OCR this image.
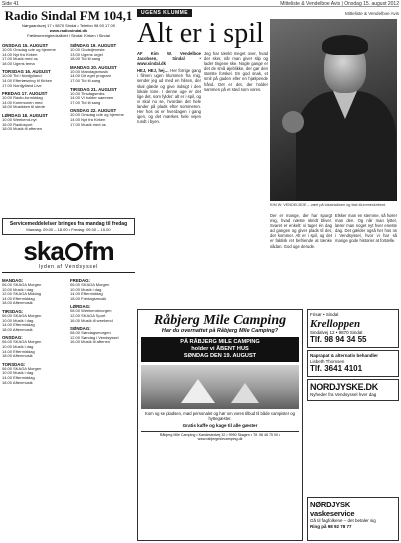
Side 41	Mitteliste & Vendelboe Avis | Onsdag 15. august 2012
Radio Sindal FM 104,1
Nørgaardsvej 17 • 9870 Sindal • Telefon 98 93 17 00
www.radiosindal.dk
Fællesmenighedsrådet i Sindal: Kirken i Sindal
ONSDAG 15. AUGUST
10.00 Onsdag ude og hjemme
14.00 Nyt fra Kirken
17.00 Musik med os
18.00 Ugens tema
TORSDAG 16. AUGUST
10.00 Tid i Nordjylland
14.00 Efterlæsning til Kirken
17.00 Nordjylland Live
FREDAG 17. AUGUST
10.00 Radio-formiddag
14.00 Kommunen med
18.00 Musikken til stede
LØRDAG 18. AUGUST
10.00 Weekend-nyt
16.00 Radiosport
18.00 Musik til aftenen
SØNDAG 19. AUGUST
10.00 Gudstjeneste
13.00 Ugens orgel
18.00 Tid til sang
MANDAG 20. AUGUST
10.00 Mandagsmusik
14.00 Dit eget program
17.00 Tid til sang
TIRSDAG 21. AUGUST
10.00 Tirsdagsmiks
14.00 Vi holder sammen
17.00 Tid til sang
ONSDAG 22. AUGUST
10.00 Onsdag ude og hjemme
14.00 Nyt fra Kirken
17.00 Musik med os
Servicemeddelelser bringes fra mandag til fredag
Mandag: 09.00 – 18.00 • Fredag: 09.00 – 15.00
ska fm
lyden af Vendsyssel
MANDAG:
06.00 SKAGA Morgen
10.00 Musik i dag
12.00 SKAGA Middag
14.00 Eftermiddag
18.00 Aftenmusik
TIRSDAG:
06.00 SKAGA Morgen
10.00 Musik i dag
14.00 Eftermiddag
18.00 Aftenmusik
ONSDAG:
06.00 SKAGA Morgen
10.00 Musik i dag
14.00 Eftermiddag
18.00 Aftenmusik
TORSDAG:
06.00 SKAGA Morgen
10.00 Musik i dag
14.00 Eftermiddag
18.00 Aftenmusik
FREDAG:
06.00 SKAGA Morgen
10.00 Musik i dag
14.00 Eftermiddag
18.00 Fredagsmusik
LØRDAG:
08.00 Weekendmorgen
12.00 SKAGA Sport
16.00 Musik til weekend
SØNDAG:
08.00 Søndagsmorgen
12.00 Søndag i Vendsyssel
16.00 Musik til aftenen
UGENS KLUMME	Mitteliste & Vendelboe Avis
Alt er i spil

AF Kim W. Vendelboe Jacobsen, Sindal • www.sindal.dk

HEJ, HEJ, hej… Her forrige gang i filmen ugen klummen fra mig, sender jeg ud med en hilsen, der skal glæde og give indsigt i den lokale tone. I denne uge er det lige det, som fylder: alt er i spil, og vi skal nu se, hvordan det hele lander på plads efter sommeren. Her hos os er hverdagen i gang igen, og det mærkes hele vejen rundt i byen.

Jeg har tænkt meget over, hvad der sker, når man giver slip og lader tingene ske. Nogle gange er det de små øjeblikke, der gør den største forskel. En god snak, et smil på gaden eller en hjælpende hånd. Det er det, der holder sammen på et sted som vores.

KIM W. VENDELBOE – vært på lokalradioen og fast klummeskribent.

Der er mange, der har spurgt mig, hvad næste skridt bliver. Svaret er enkelt: vi tager én dag ad gangen og giver plads til det, der kommer. Alt er i spil, og det er faktisk ret befriende at tænke sådan. God uge derude.

Elsker man en stemme, så hører man den. Og når man lytter, lærer man noget nyt hver eneste dag. Det gælder også her hos os i Vendsyssel, hvor vi har så mange gode historier at fortælle.

Råbjerg Mile Camping
Har du overnattet på Råbjerg Mile Camping?
PÅ RÅBJERG MILE CAMPING
holder vi ÅBENT HUS
SØNDAG DEN 19. AUGUST
Kom og se pladsen, mød personalet og hør om vores tilbud til både campister og hyttegæster.
Gratis kaffe og kage til alle gæster
Råbjerg Mile Camping • Kandestedvej 32 • 9990 Skagen • Tlf. 98 48 75 00 • www.rabjergmilecamping.dk
Frisør • Sindal
Krelloppen
Sindalvej 12 • 9870 Sindal
Tlf. 98 94 34 55
Naprapat & alternativ behandler
Lisbeth Thomsen
Tlf. 3641 4101
NORDJYSKE.DK
Nyheder fra Vendsyssel hver dag
NØRDJYSK vaskeservice
Gå til fagfolkene – det betaler sig
Ring på 98 92 78 77
